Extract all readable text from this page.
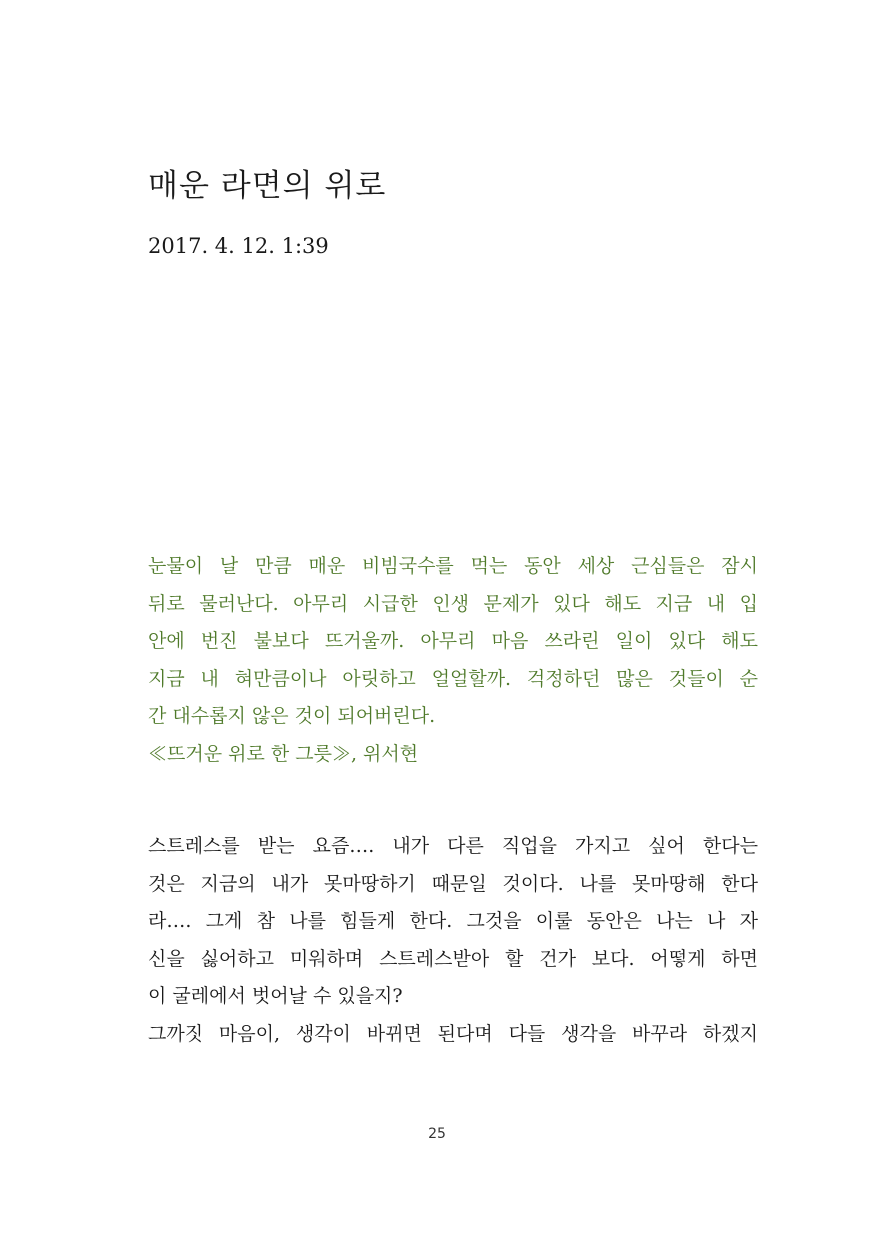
매운 라면의 위로
2017. 4. 12. 1:39
눈물이 날 만큼 매운 비빔국수를 먹는 동안 세상 근심들은 잠시
뒤로 물러난다. 아무리 시급한 인생 문제가 있다 해도 지금 내 입
안에 번진 불보다 뜨거울까. 아무리 마음 쓰라린 일이 있다 해도
지금 내 혀만큼이나 아릿하고 얼얼할까. 걱정하던 많은 것들이 순
간 대수롭지 않은 것이 되어버린다.
≪뜨거운 위로 한 그릇≫, 위서현
스트레스를 받는 요즘…. 내가 다른 직업을 가지고 싶어 한다는
것은 지금의 내가 못마땅하기 때문일 것이다. 나를 못마땅해 한다
라…. 그게 참 나를 힘들게 한다. 그것을 이룰 동안은 나는 나 자
신을 싫어하고 미워하며 스트레스받아 할 건가 보다. 어떻게 하면
이 굴레에서 벗어날 수 있을지?
그까짓 마음이, 생각이 바뀌면 된다며 다들 생각을 바꾸라 하겠지
25
